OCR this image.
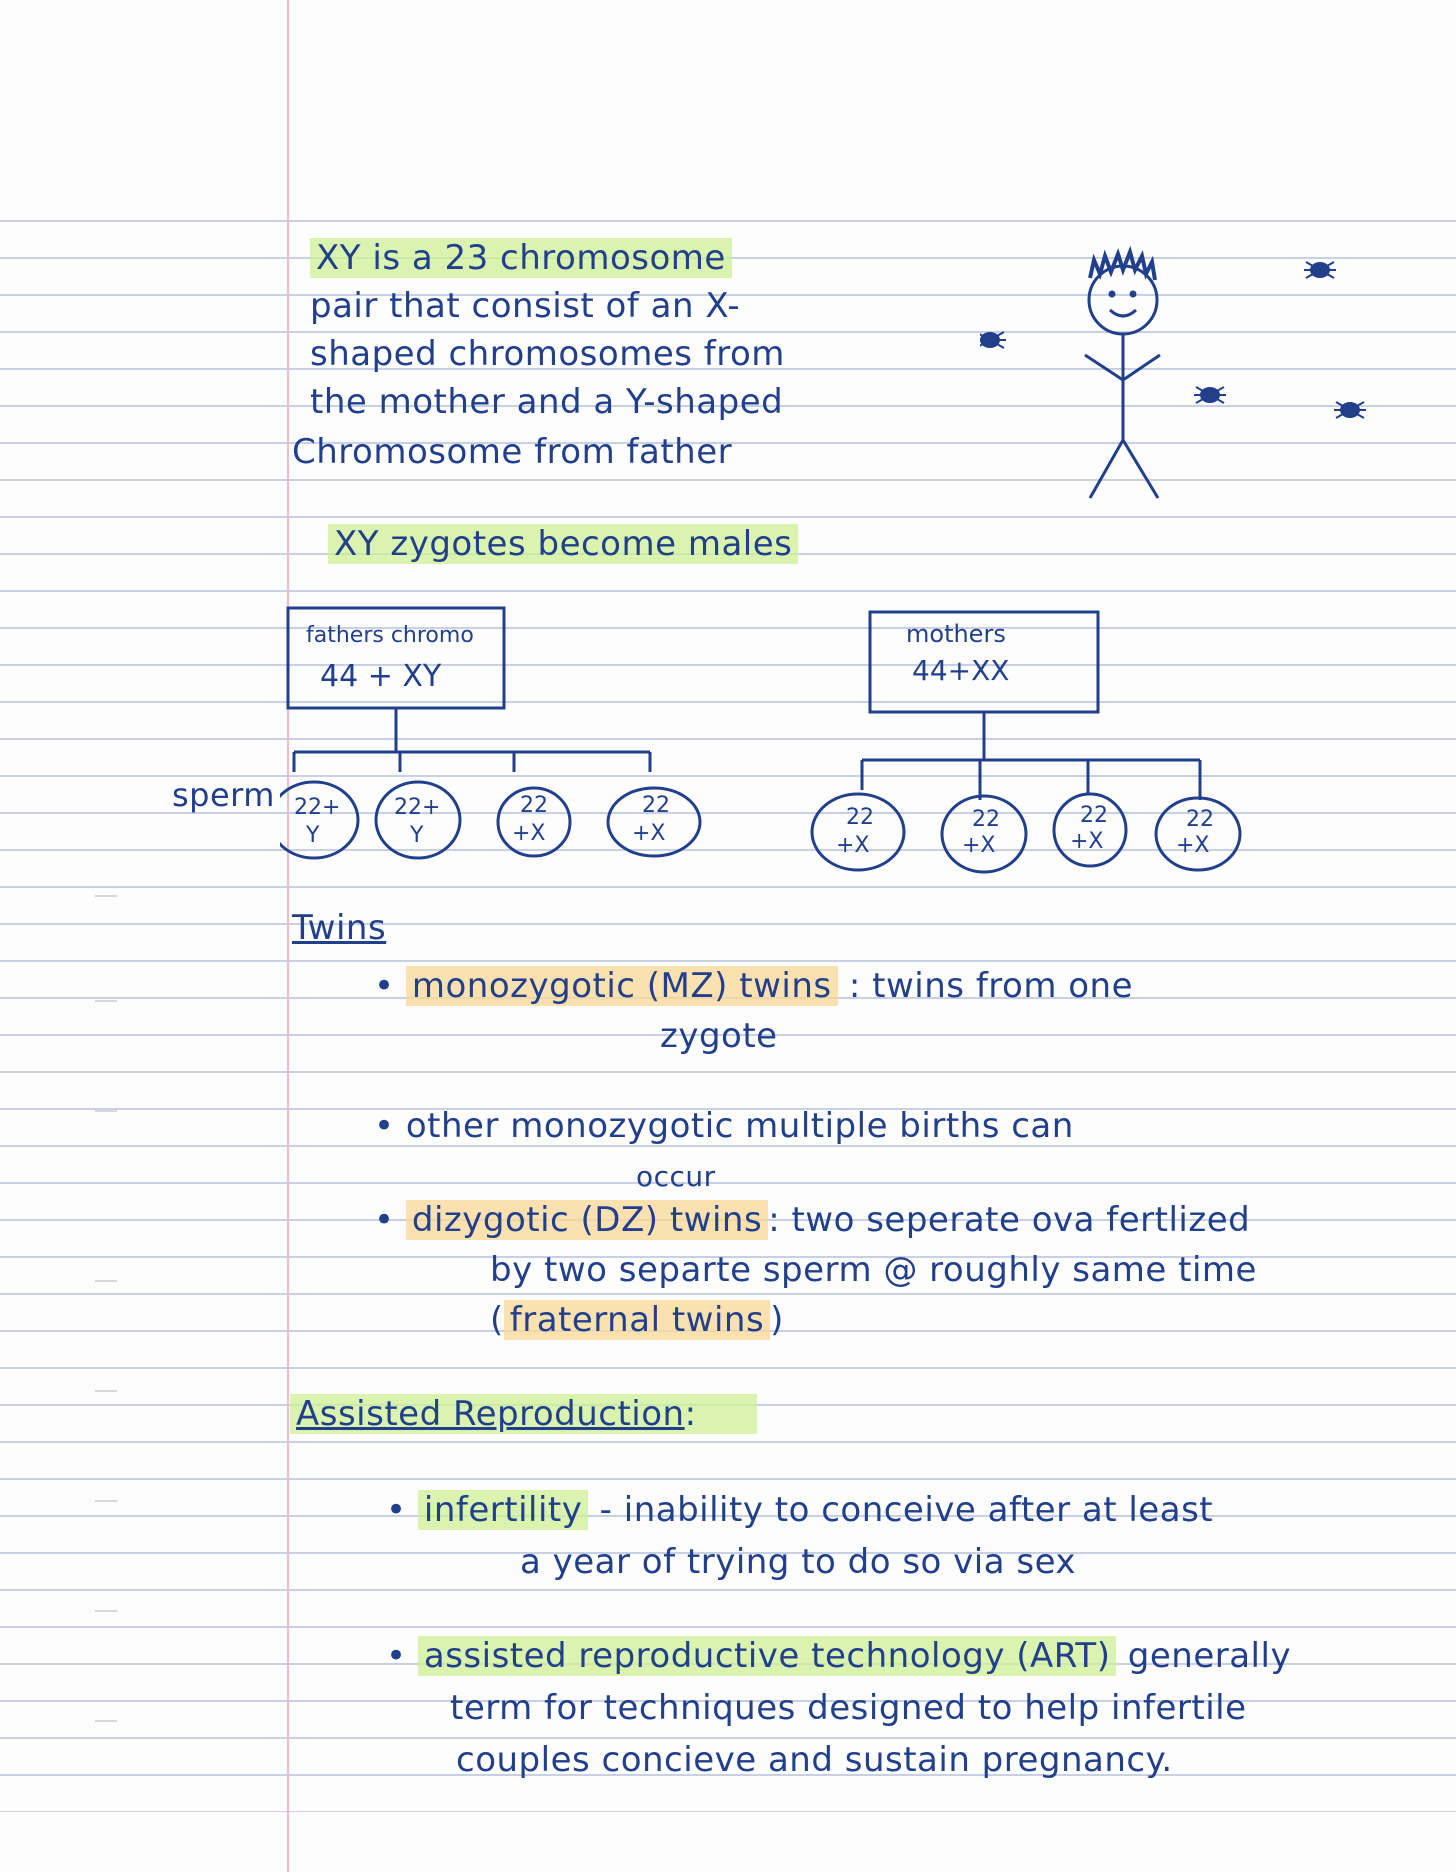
XY is a 23 chromosome
pair that consist of an X-
shaped chromosomes from
the mother and a Y-shaped
Chromosome from father
XY zygotes become males
sperm
fathers chromo
44 + XY
mothers
44+XX
22+
Y
22+
Y
22
+X
22
+X
22
+X
22
+X
22
+X
22
+X
Twins
• monozygotic (MZ) twins : twins from one
zygote
• other monozygotic multiple births can
occur
• dizygotic (DZ) twins : two seperate ova fertlized
by two separte sperm @ roughly same time
( fraternal twins )
Assisted Reproduction:
• infertility - inability to conceive after at least
a year of trying to do so via sex
• assisted reproductive technology (ART) generally
term for techniques designed to help infertile
couples concieve and sustain pregnancy.
